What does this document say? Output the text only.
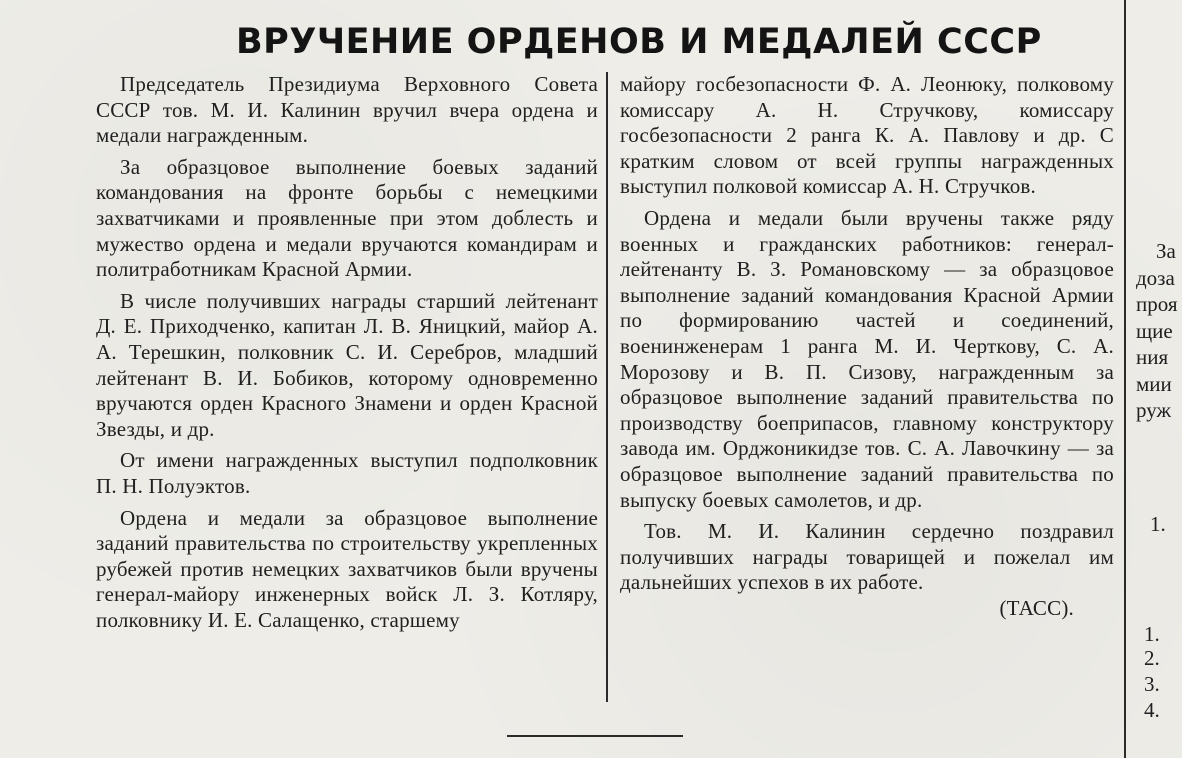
ВРУЧЕНИЕ ОРДЕНОВ И МЕДАЛЕЙ СССР

Председатель Президиума Верховного Совета СССР тов. М. И. Калинин вручил вчера ордена и медали награжденным.

За образцовое выполнение боевых заданий командования на фронте борьбы с немецкими захватчиками и проявленные при этом доблесть и мужество ордена и медали вручаются командирам и политработникам Красной Армии.

В числе получивших награды старший лейтенант Д. Е. Приходченко, капитан Л. В. Яницкий, майор А. А. Терешкин, полковник С. И. Серебров, младший лейтенант В. И. Бобиков, которому одновременно вручаются орден Красного Знамени и орден Красной Звезды, и др.

От имени награжденных выступил подполковник П. Н. Полуэктов.

Ордена и медали за образцовое выполнение заданий правительства по строительству укрепленных рубежей против немецких захватчиков были вручены генерал-майору инженерных войск Л. З. Котляру, полковнику И. Е. Салащенко, старшему

майору госбезопасности Ф. А. Леонюку, полковому комиссару А. Н. Стручкову, комиссару госбезопасности 2 ранга К. А. Павлову и др. С кратким словом от всей группы награжденных выступил полковой комиссар А. Н. Стручков.

Ордена и медали были вручены также ряду военных и гражданских работников: генерал-лейтенанту В. З. Романовскому — за образцовое выполнение заданий командования Красной Армии по формированию частей и соединений, военинженерам 1 ранга М. И. Черткову, С. А. Морозову и В. П. Сизову, награжденным за образцовое выполнение заданий правительства по производству боеприпасов, главному конструктору завода им. Орджоникидзе тов. С. А. Лавочкину — за образцовое выполнение заданий правительства по выпуску боевых самолетов, и др.

Тов. М. И. Калинин сердечно поздравил получивших награды товарищей и пожелал им дальнейших успехов в их работе.

(ТАСС).
За
доза
проя
щие
ния
мии
руж
1.
1.
2.
3.
4.
